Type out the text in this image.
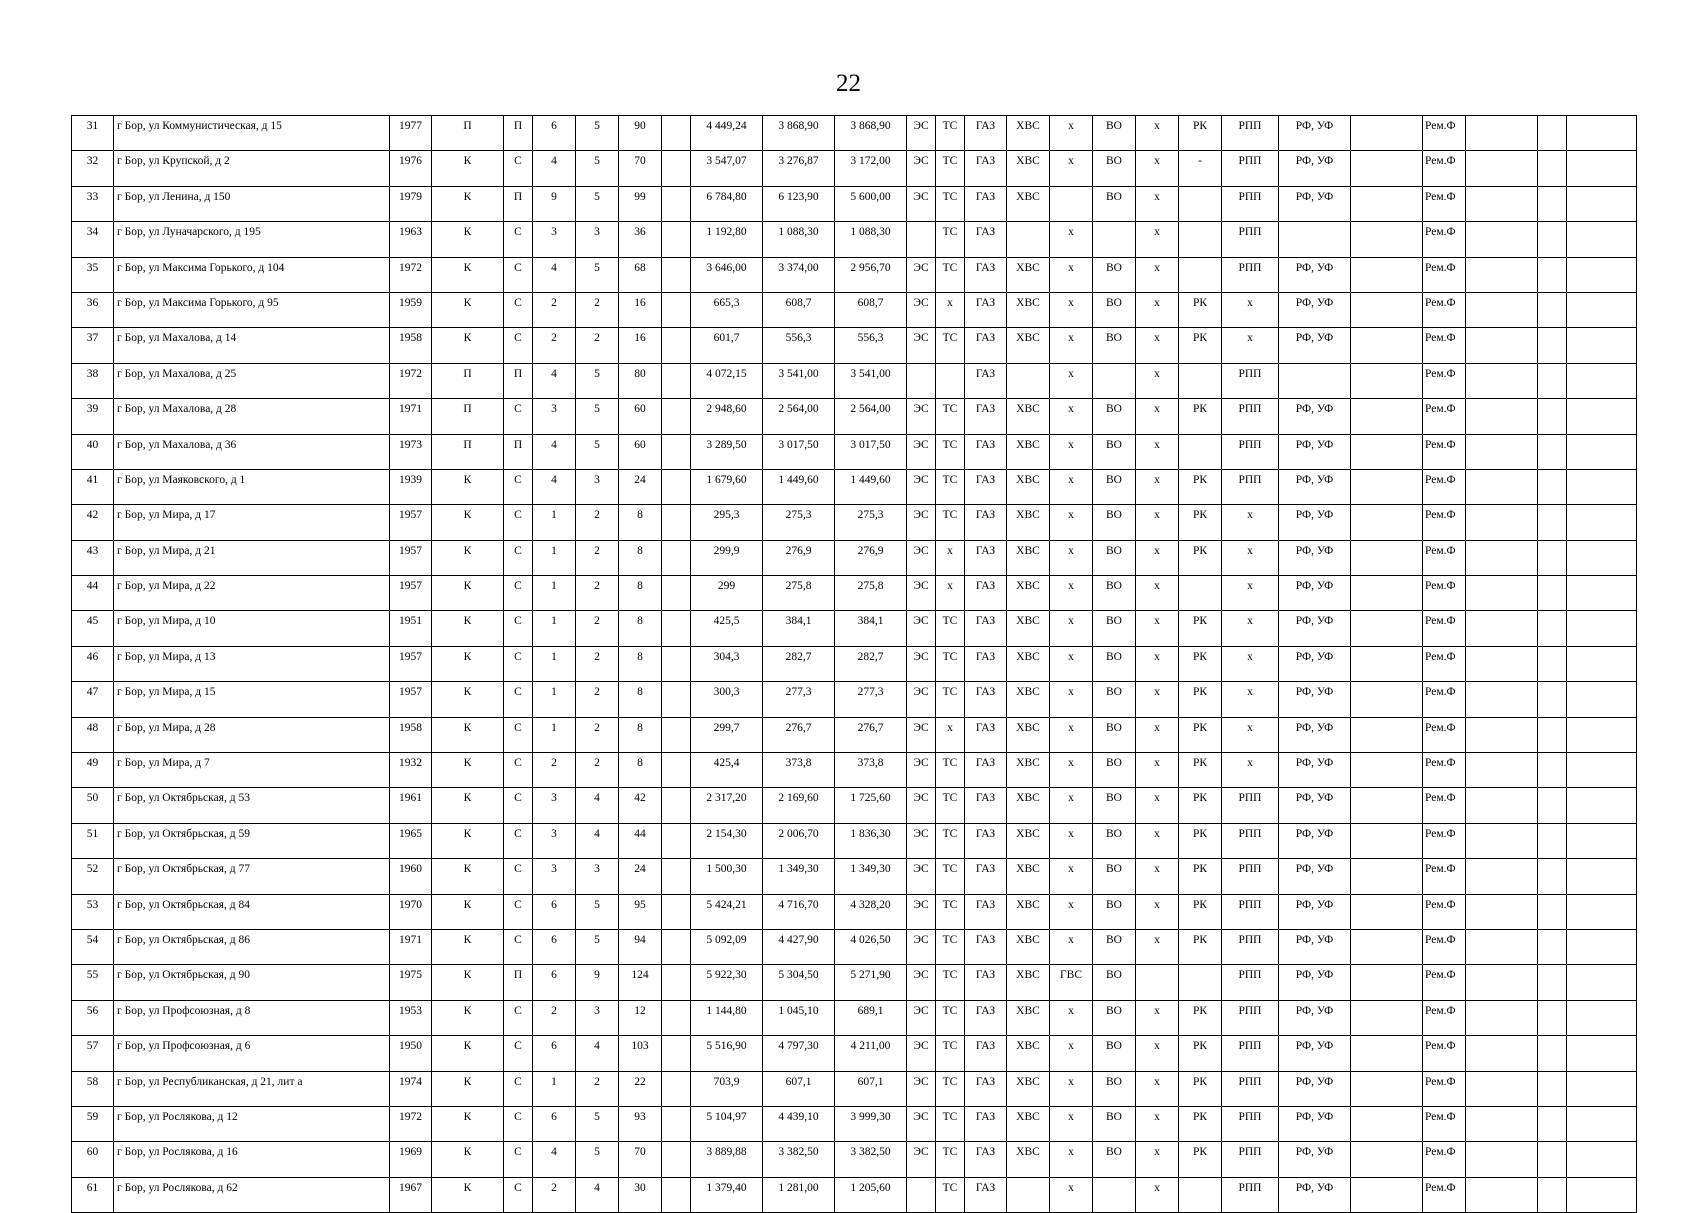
22
31	г Бор, ул Коммунистическая, д 15	1977	П	П	6	5	90		4 449,24	3 868,90	3 868,90	ЭС	ТС	ГАЗ	ХВС	х	ВО	х	РК	РПП	РФ, УФ		Рем.Ф			
32	г Бор, ул Крупской, д 2	1976	К	С	4	5	70		3 547,07	3 276,87	3 172,00	ЭС	ТС	ГАЗ	ХВС	х	ВО	х	-	РПП	РФ, УФ		Рем.Ф			
33	г Бор, ул Ленина, д 150	1979	К	П	9	5	99		6 784,80	6 123,90	5 600,00	ЭС	ТС	ГАЗ	ХВС		ВО	х		РПП	РФ, УФ		Рем.Ф			
34	г Бор, ул Луначарского, д 195	1963	К	С	3	3	36		1 192,80	1 088,30	1 088,30		ТС	ГАЗ		х		х		РПП			Рем.Ф			
35	г Бор, ул Максима Горького, д 104	1972	К	С	4	5	68		3 646,00	3 374,00	2 956,70	ЭС	ТС	ГАЗ	ХВС	х	ВО	х		РПП	РФ, УФ		Рем.Ф			
36	г Бор, ул Максима Горького, д 95	1959	К	С	2	2	16		665,3	608,7	608,7	ЭС	х	ГАЗ	ХВС	х	ВО	х	РК	х	РФ, УФ		Рем.Ф			
37	г Бор, ул Махалова, д 14	1958	К	С	2	2	16		601,7	556,3	556,3	ЭС	ТС	ГАЗ	ХВС	х	ВО	х	РК	х	РФ, УФ		Рем.Ф			
38	г Бор, ул Махалова, д 25	1972	П	П	4	5	80		4 072,15	3 541,00	3 541,00			ГАЗ		х		х		РПП			Рем.Ф			
39	г Бор, ул Махалова, д 28	1971	П	С	3	5	60		2 948,60	2 564,00	2 564,00	ЭС	ТС	ГАЗ	ХВС	х	ВО	х	РК	РПП	РФ, УФ		Рем.Ф			
40	г Бор, ул Махалова, д 36	1973	П	П	4	5	60		3 289,50	3 017,50	3 017,50	ЭС	ТС	ГАЗ	ХВС	х	ВО	х		РПП	РФ, УФ		Рем.Ф			
41	г Бор, ул Маяковского, д 1	1939	К	С	4	3	24		1 679,60	1 449,60	1 449,60	ЭС	ТС	ГАЗ	ХВС	х	ВО	х	РК	РПП	РФ, УФ		Рем.Ф			
42	г Бор, ул Мира, д 17	1957	К	С	1	2	8		295,3	275,3	275,3	ЭС	ТС	ГАЗ	ХВС	х	ВО	х	РК	х	РФ, УФ		Рем.Ф			
43	г Бор, ул Мира, д 21	1957	К	С	1	2	8		299,9	276,9	276,9	ЭС	х	ГАЗ	ХВС	х	ВО	х	РК	х	РФ, УФ		Рем.Ф			
44	г Бор, ул Мира, д 22	1957	К	С	1	2	8		299	275,8	275,8	ЭС	х	ГАЗ	ХВС	х	ВО	х		х	РФ, УФ		Рем.Ф			
45	г Бор, ул Мира, д 10	1951	К	С	1	2	8		425,5	384,1	384,1	ЭС	ТС	ГАЗ	ХВС	х	ВО	х	РК	х	РФ, УФ		Рем.Ф			
46	г Бор, ул Мира, д 13	1957	К	С	1	2	8		304,3	282,7	282,7	ЭС	ТС	ГАЗ	ХВС	х	ВО	х	РК	х	РФ, УФ		Рем.Ф			
47	г Бор, ул Мира, д 15	1957	К	С	1	2	8		300,3	277,3	277,3	ЭС	ТС	ГАЗ	ХВС	х	ВО	х	РК	х	РФ, УФ		Рем.Ф			
48	г Бор, ул Мира, д 28	1958	К	С	1	2	8		299,7	276,7	276,7	ЭС	х	ГАЗ	ХВС	х	ВО	х	РК	х	РФ, УФ		Рем.Ф			
49	г Бор, ул Мира, д 7	1932	К	С	2	2	8		425,4	373,8	373,8	ЭС	ТС	ГАЗ	ХВС	х	ВО	х	РК	х	РФ, УФ		Рем.Ф			
50	г Бор, ул Октябрьская, д 53	1961	К	С	3	4	42		2 317,20	2 169,60	1 725,60	ЭС	ТС	ГАЗ	ХВС	х	ВО	х	РК	РПП	РФ, УФ		Рем.Ф			
51	г Бор, ул Октябрьская, д 59	1965	К	С	3	4	44		2 154,30	2 006,70	1 836,30	ЭС	ТС	ГАЗ	ХВС	х	ВО	х	РК	РПП	РФ, УФ		Рем.Ф			
52	г Бор, ул Октябрьская, д 77	1960	К	С	3	3	24		1 500,30	1 349,30	1 349,30	ЭС	ТС	ГАЗ	ХВС	х	ВО	х	РК	РПП	РФ, УФ		Рем.Ф			
53	г Бор, ул Октябрьская, д 84	1970	К	С	6	5	95		5 424,21	4 716,70	4 328,20	ЭС	ТС	ГАЗ	ХВС	х	ВО	х	РК	РПП	РФ, УФ		Рем.Ф			
54	г Бор, ул Октябрьская, д 86	1971	К	С	6	5	94		5 092,09	4 427,90	4 026,50	ЭС	ТС	ГАЗ	ХВС	х	ВО	х	РК	РПП	РФ, УФ		Рем.Ф			
55	г Бор, ул Октябрьская, д 90	1975	К	П	6	9	124		5 922,30	5 304,50	5 271,90	ЭС	ТС	ГАЗ	ХВС	ГВС	ВО			РПП	РФ, УФ		Рем.Ф			
56	г Бор, ул Профсоюзная, д 8	1953	К	С	2	3	12		1 144,80	1 045,10	689,1	ЭС	ТС	ГАЗ	ХВС	х	ВО	х	РК	РПП	РФ, УФ		Рем.Ф			
57	г Бор, ул Профсоюзная, д 6	1950	К	С	6	4	103		5 516,90	4 797,30	4 211,00	ЭС	ТС	ГАЗ	ХВС	х	ВО	х	РК	РПП	РФ, УФ		Рем.Ф			
58	г Бор, ул Республиканская, д 21, лит а	1974	К	С	1	2	22		703,9	607,1	607,1	ЭС	ТС	ГАЗ	ХВС	х	ВО	х	РК	РПП	РФ, УФ		Рем.Ф			
59	г Бор, ул Рослякова, д 12	1972	К	С	6	5	93		5 104,97	4 439,10	3 999,30	ЭС	ТС	ГАЗ	ХВС	х	ВО	х	РК	РПП	РФ, УФ		Рем.Ф			
60	г Бор, ул Рослякова, д 16	1969	К	С	4	5	70		3 889,88	3 382,50	3 382,50	ЭС	ТС	ГАЗ	ХВС	х	ВО	х	РК	РПП	РФ, УФ		Рем.Ф			
61	г Бор, ул Рослякова, д 62	1967	К	С	2	4	30		1 379,40	1 281,00	1 205,60		ТС	ГАЗ		х		х		РПП	РФ, УФ		Рем.Ф			
